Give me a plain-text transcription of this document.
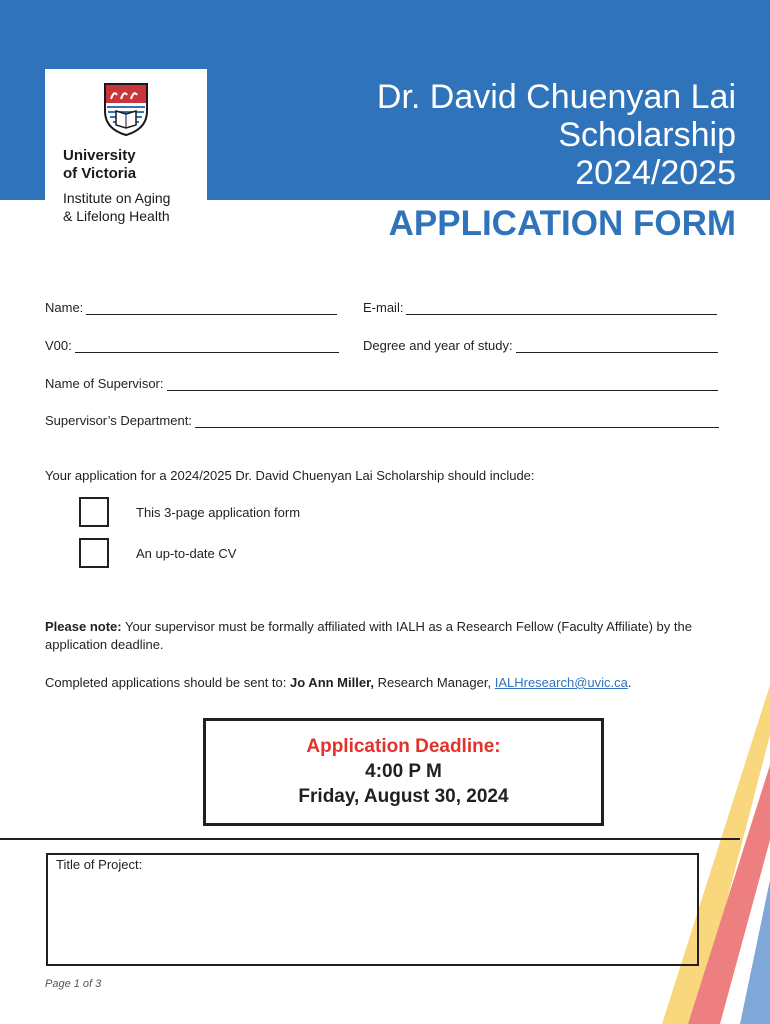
University
of Victoria
Institute on Aging
& Lifelong Health
Dr. David Chuenyan Lai
Scholarship
2024/2025
APPLICATION FORM
Name:	E-mail:
V00:	Degree and year of study:
Name of Supervisor:
Supervisor’s Department:
Your application for a 2024/2025 Dr. David Chuenyan Lai Scholarship should include:
This 3-page application form
An up-to-date CV
Please note: Your supervisor must be formally affiliated with IALH as a Research Fellow (Faculty Affiliate) by the application deadline.
Completed applications should be sent to: Jo Ann Miller, Research Manager, IALHresearch@uvic.ca.
Application Deadline:
4:00 P M
Friday, August 30, 2024
Title of Project:
Page 1 of 3
